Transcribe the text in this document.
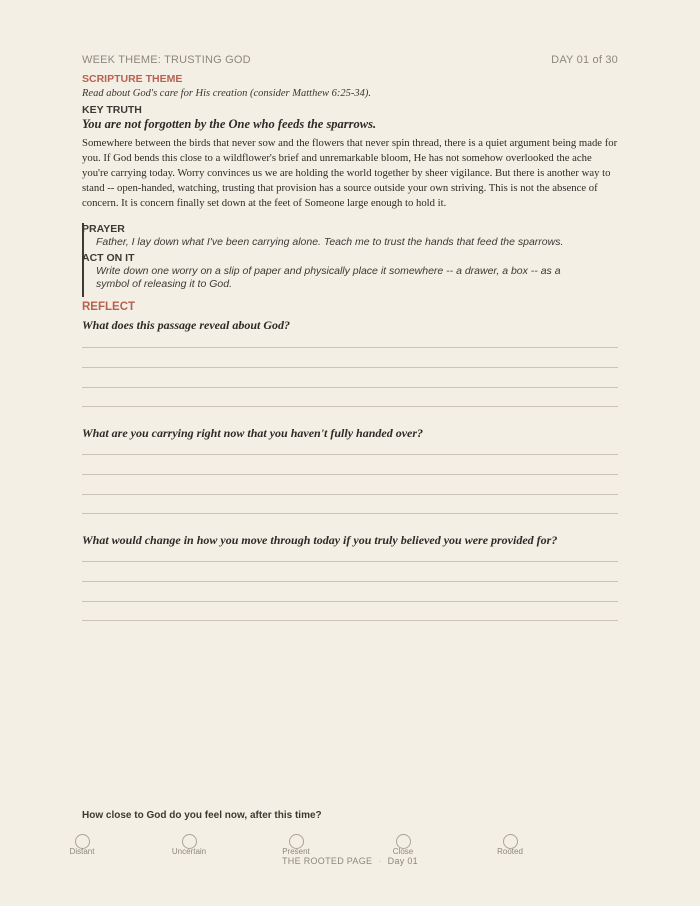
WEEK THEME: TRUSTING GOD	DAY 01 of 30
SCRIPTURE THEME
Read about God's care for His creation (consider Matthew 6:25-34).
KEY TRUTH
You are not forgotten by the One who feeds the sparrows.
Somewhere between the birds that never sow and the flowers that never spin thread, there is a quiet argument being made for you. If God bends this close to a wildflower's brief and unremarkable bloom, He has not somehow overlooked the ache you're carrying today. Worry convinces us we are holding the world together by sheer vigilance. But there is another way to stand -- open-handed, watching, trusting that provision has a source outside your own striving. This is not the absence of concern. It is concern finally set down at the feet of Someone large enough to hold it.
PRAYER
Father, I lay down what I've been carrying alone. Teach me to trust the hands that feed the sparrows.
ACT ON IT
Write down one worry on a slip of paper and physically place it somewhere -- a drawer, a box -- as a symbol of releasing it to God.
REFLECT
What does this passage reveal about God?
What are you carrying right now that you haven't fully handed over?
What would change in how you move through today if you truly believed you were provided for?
How close to God do you feel now, after this time?
Distant	Uncertain	Present	Close	Rooted
THE ROOTED PAGE · Day 01
